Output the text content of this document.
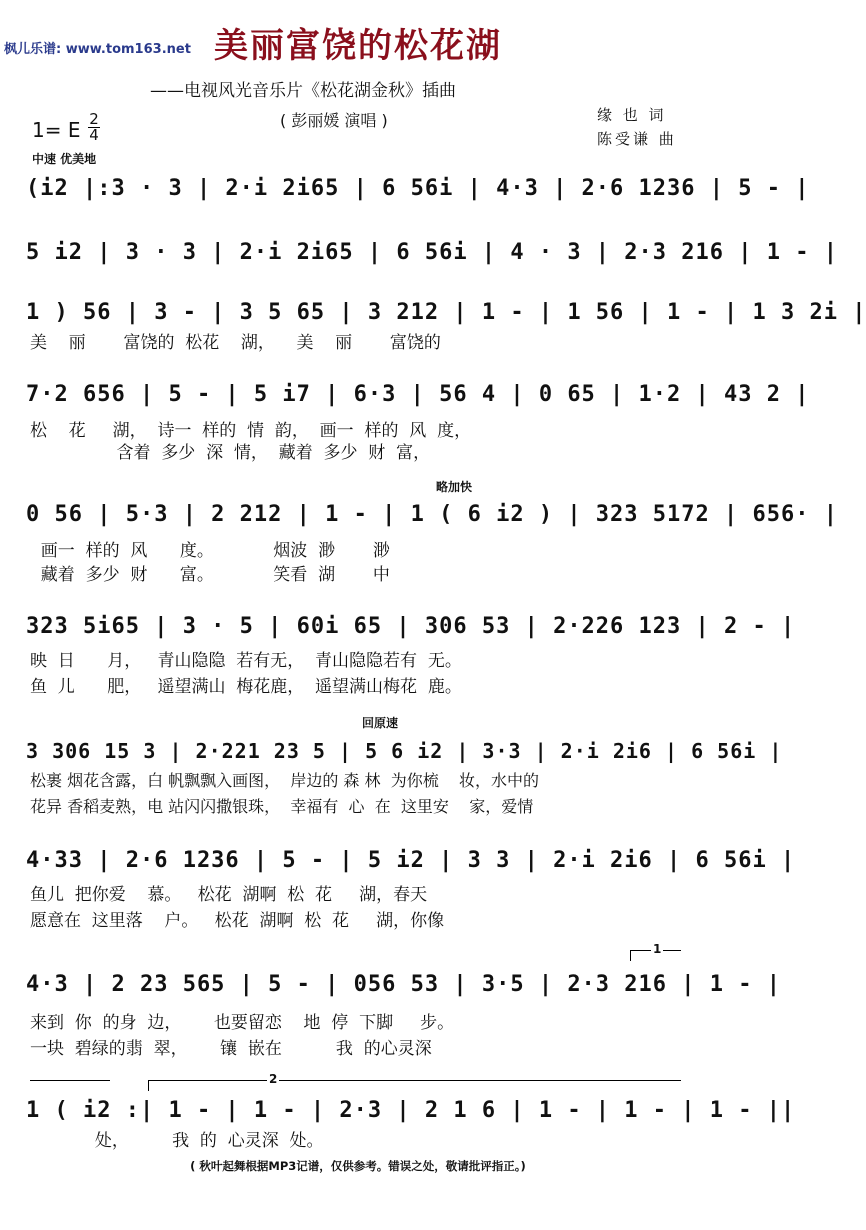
枫儿乐谱: www.tom163.net 美丽富饶的松花湖
——电视风光音乐片《松花湖金秋》插曲
( 彭丽媛 演唱 )	缘 也 词
陈受谦 曲
1= E 2
4
中速 优美地
略加快
回原速
1
2
(i2 |:3 · 3 | 2·i 2i65 | 6 56i | 4·3 | 2·6 1236 | 5 - |
5 i2 | 3 · 3 | 2·i 2i65 | 6 56i | 4 · 3 | 2·3 216 | 1 - |
1 ) 56 | 3 - | 3 5 65 | 3 212 | 1 - | 1 56 | 1 - | 1 3 2i |
美    丽       富饶的  松花    湖，    美    丽       富饶的
7·2 656 | 5 - | 5 i7 | 6·3 | 56 4 | 0 65 | 1·2 | 43 2 |
松    花     湖，  诗一  样的  情  韵，  画一  样的  风  度，
含着  多少  深  情，  藏着  多少  财  富，
0 56 | 5·3 | 2 212 | 1 - | 1 ( 6 i2 ) | 323 5172 | 656· |
画一  样的  风      度。           烟波  渺       渺
藏着  多少  财      富。           笑看  湖       中
323 5i65 | 3 · 5 | 60i 65 | 306 53 | 2·226 123 | 2 - |
映  日      月，   青山隐隐  若有无，  青山隐隐若有  无。
鱼  儿      肥，   遥望满山  梅花鹿，  遥望满山梅花  鹿。
3 306 15 3 | 2·221 23 5 | 5 6 i2 | 3·3 | 2·i 2i6 | 6 56i |
松裹 烟花含露，白 帆飘飘入画图，  岸边的 森 林  为你梳    妆，水中的
花异 香稻麦熟，电 站闪闪撒银珠，  幸福有  心  在  这里安    家，爱情
4·33 | 2·6 1236 | 5 - | 5 i2 | 3 3 | 2·i 2i6 | 6 56i |
鱼儿  把你爱    慕。   松花  湖啊  松  花     湖，春天
愿意在  这里落    户。   松花  湖啊  松  花     湖，你像
4·3 | 2 23 565 | 5 - | 056 53 | 3·5 | 2·3 216 | 1 - |
来到  你  的身  边，      也要留恋    地  停  下脚     步。
一块  碧绿的翡  翠，      镶  嵌在          我  的心灵深
1 ( i2 :| 1 - | 1 - | 2·3 | 2 1 6 | 1 - | 1 - | 1 - ||
处，        我  的  心灵深  处。
( 秋叶起舞根据MP3记谱，仅供参考。错误之处，敬请批评指正。)
